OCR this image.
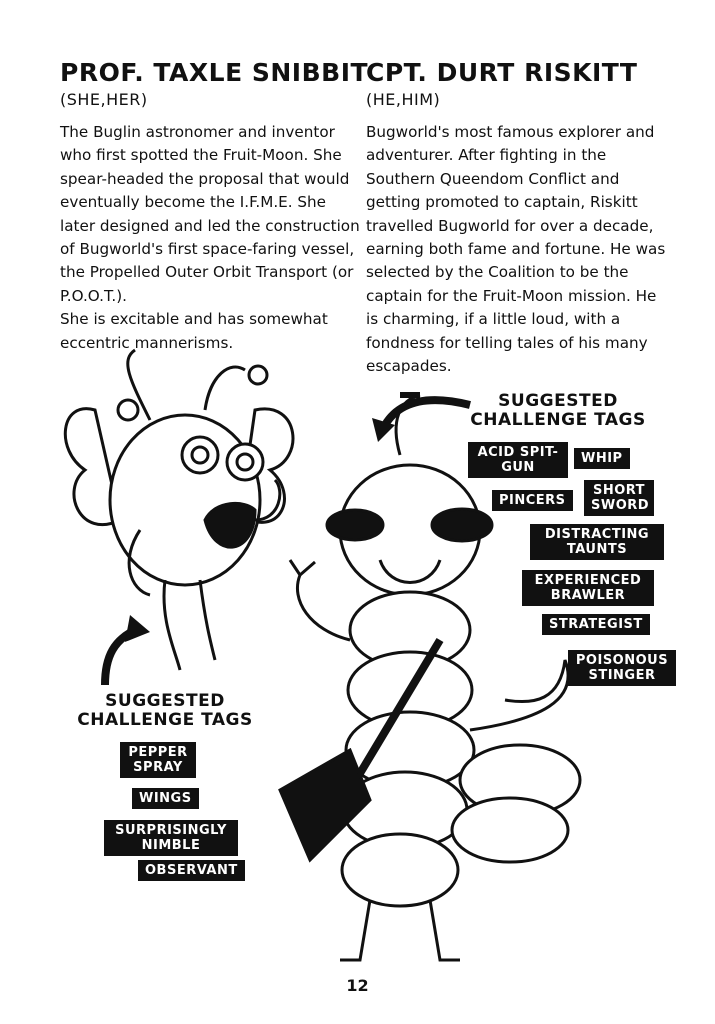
PROF. TAXLE SNIBBIT
(SHE,HER)

The Buglin astronomer and inventor who first spotted the Fruit-Moon. She spear-headed the proposal that would eventually become the I.F.M.E. She later designed and led the construction of Bugworld's first space-faring vessel, the Propelled Outer Orbit Transport (or P.O.O.T.).

She is excitable and has somewhat eccentric mannerisms.

CPT. DURT RISKITT
(HE,HIM)

Bugworld's most famous explorer and adventurer. After fighting in the Southern Queendom Conflict and getting promoted to captain, Riskitt travelled Bugworld for over a decade, earning both fame and fortune. He was selected by the Coalition to be the captain for the Fruit-Moon mission. He is charming, if a little loud, with a fondness for telling tales of his many escapades.

SUGGESTED
CHALLENGE TAGS
ACID SPIT-GUN
WHIP
PINCERS
SHORT SWORD
DISTRACTING TAUNTS
EXPERIENCED BRAWLER
STRATEGIST
POISONOUS STINGER
SUGGESTED
CHALLENGE TAGS
PEPPER SPRAY
WINGS
SURPRISINGLY NIMBLE
OBSERVANT
12
